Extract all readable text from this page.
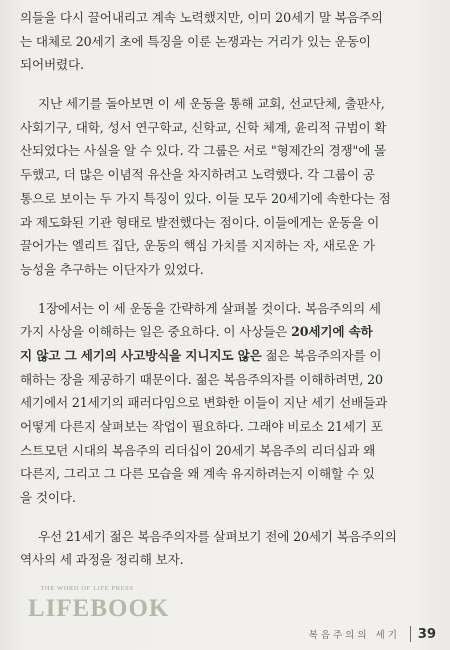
의들을 다시 끌어내리고 계속 노력했지만, 이미 20세기 말 복음주의
는 대체로 20세기 초에 특징을 이룬 논쟁과는 거리가 있는 운동이
되어버렸다.
지난 세기를 돌아보면 이 세 운동을 통해 교회, 선교단체, 출판사,
사회기구, 대학, 성서 연구학교, 신학교, 신학 체계, 윤리적 규범이 확
산되었다는 사실을 알 수 있다. 각 그룹은 서로 "형제간의 경쟁"에 몰
두했고, 더 많은 이념적 유산을 차지하려고 노력했다. 각 그룹이 공
통으로 보이는 두 가지 특징이 있다. 이들 모두 20세기에 속한다는 점
과 제도화된 기관 형태로 발전했다는 점이다. 이들에게는 운동을 이
끌어가는 엘리트 집단, 운동의 핵심 가치를 지지하는 자, 새로운 가
능성을 추구하는 이단자가 있었다.
1장에서는 이 세 운동을 간략하게 살펴볼 것이다. 복음주의의 세
가지 사상을 이해하는 일은 중요하다. 이 사상들은 20세기에 속하
지 않고 그 세기의 사고방식을 지니지도 않은 젊은 복음주의자를 이
해하는 장을 제공하기 때문이다. 젊은 복음주의자를 이해하려면, 20
세기에서 21세기의 패러다임으로 변화한 이들이 지난 세기 선배들과
어떻게 다른지 살펴보는 작업이 필요하다. 그래야 비로소 21세기 포
스트모던 시대의 복음주의 리더십이 20세기 복음주의 리더십과 왜
다른지, 그리고 그 다른 모습을 왜 계속 유지하려는지 이해할 수 있
을 것이다.
우선 21세기 젊은 복음주의자를 살펴보기 전에 20세기 복음주의의
역사의 세 과정을 정리해 보자.
THE WORD OF LIFE PRESS
LIFEBOOK
복음주의의 세기 39
